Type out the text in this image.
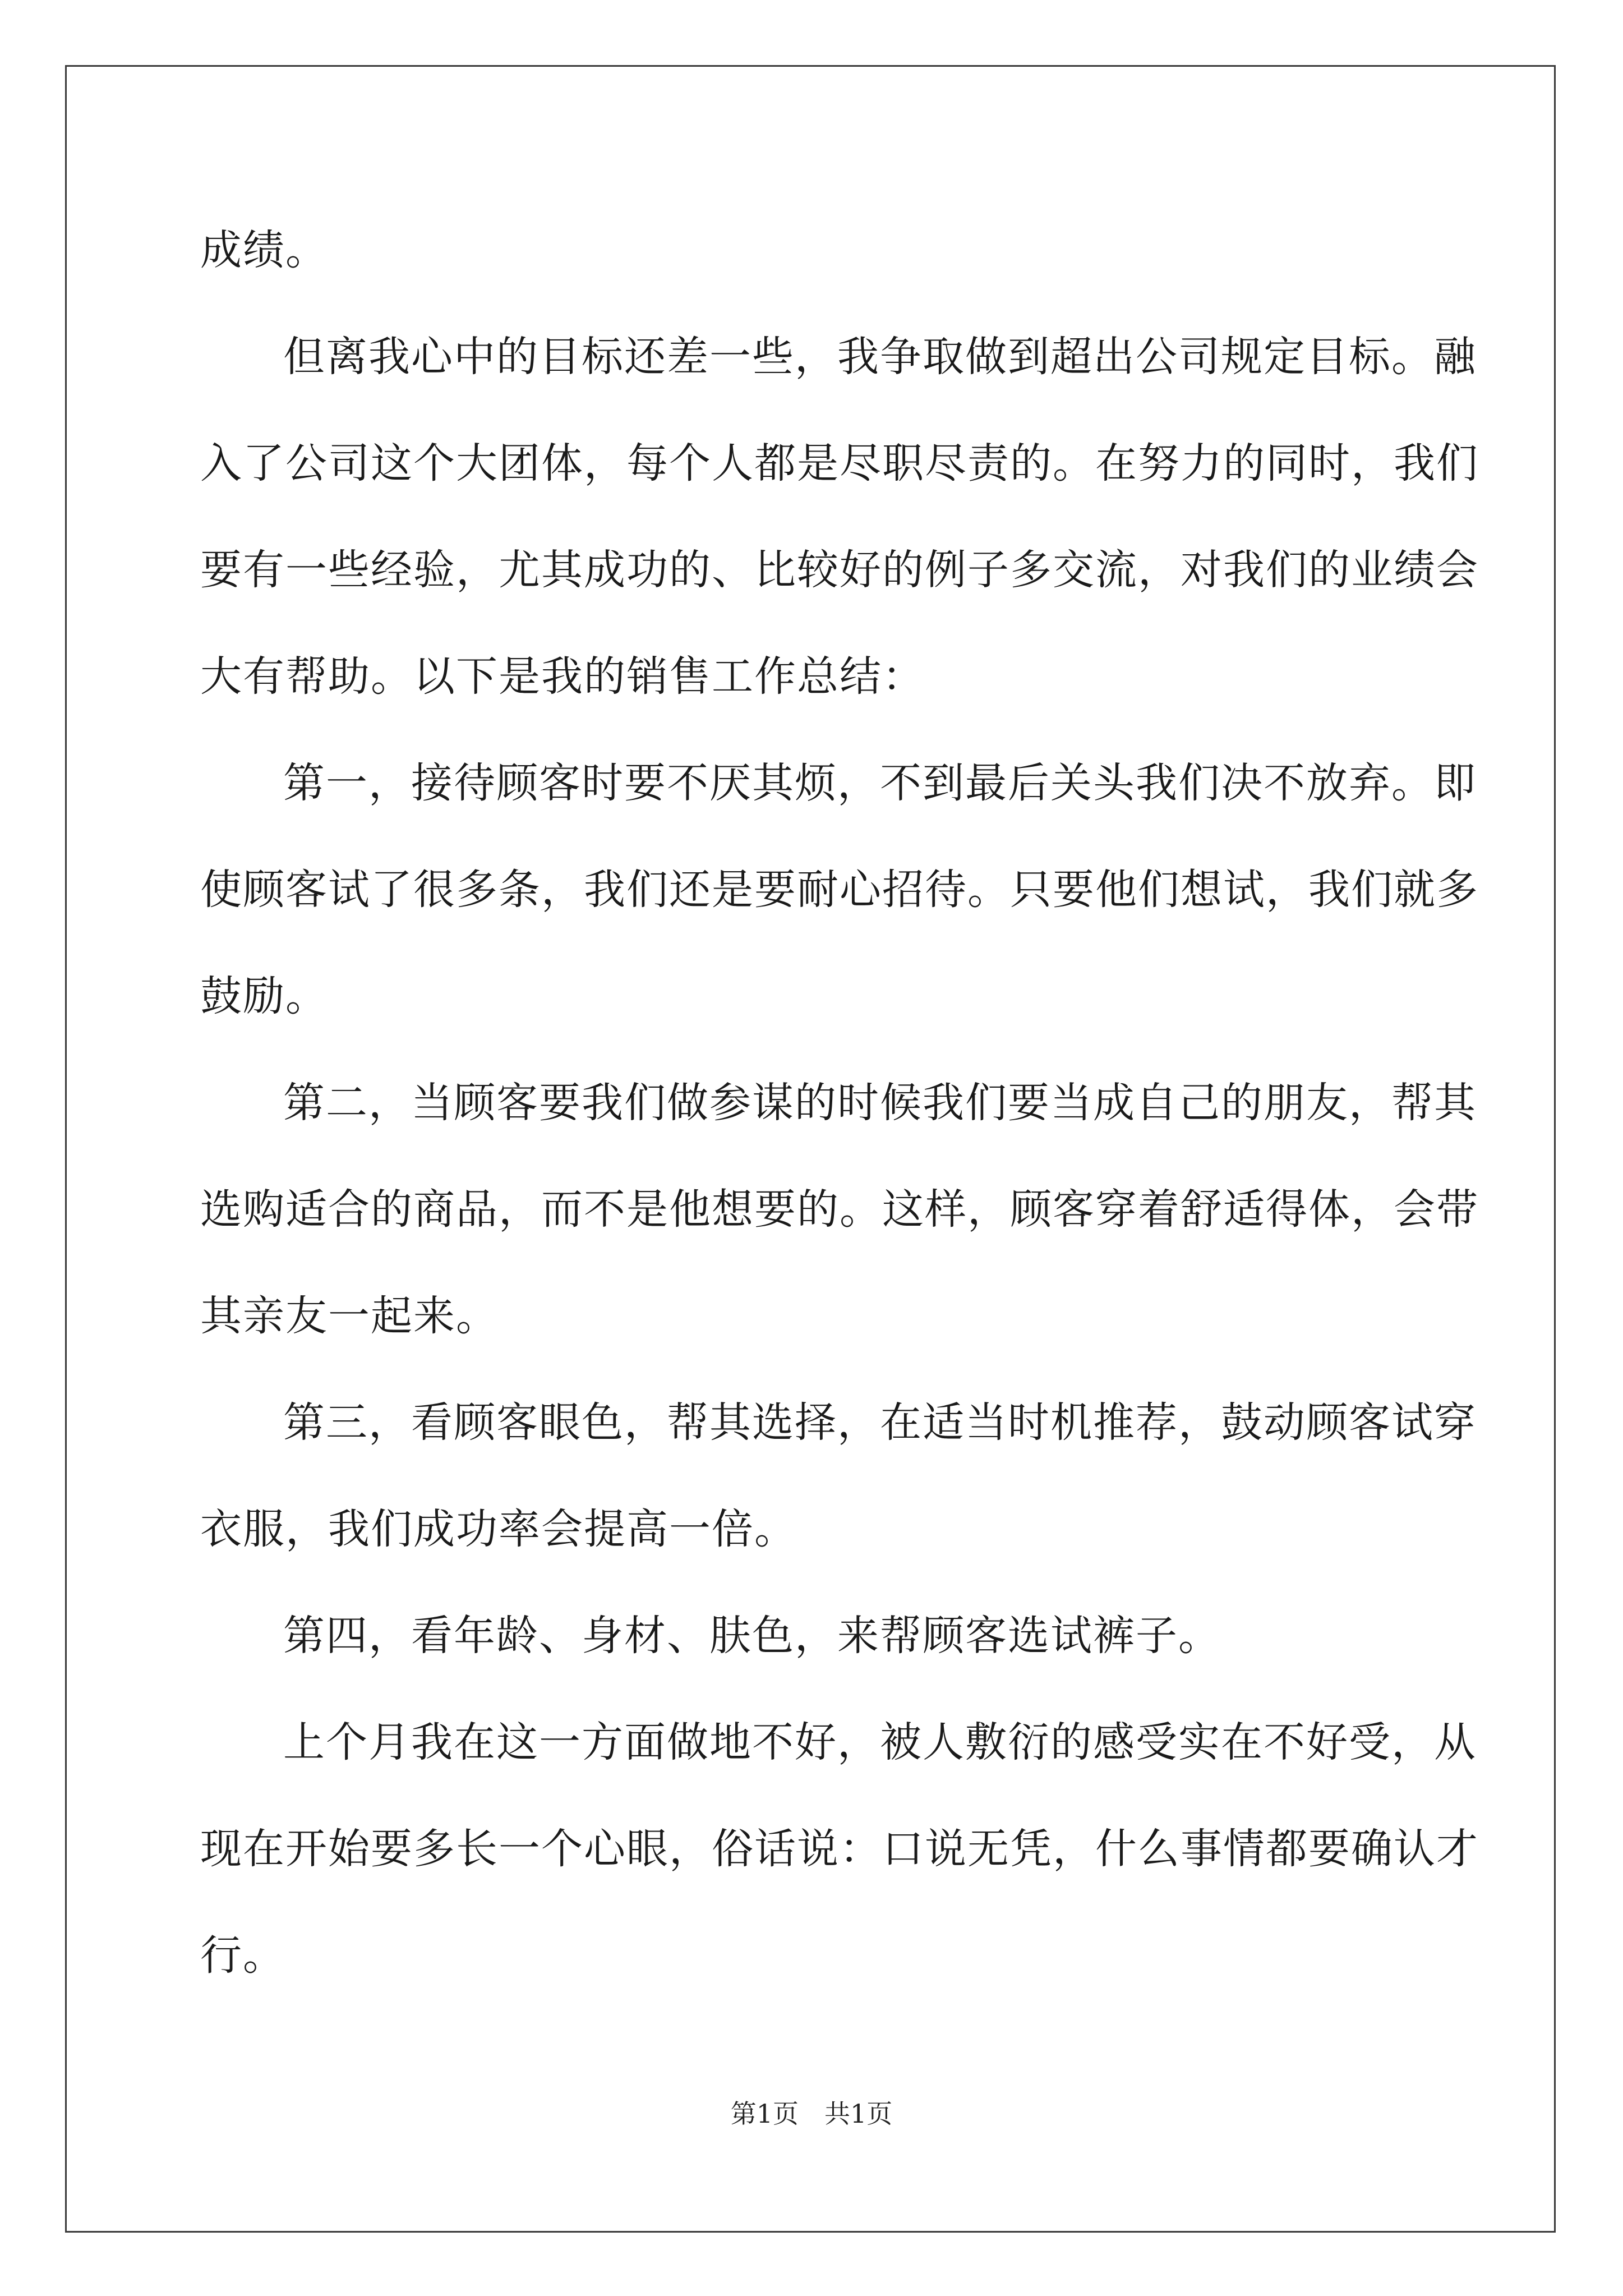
成绩。
但离我心中的目标还差一些，我争取做到超出公司规定目标。融
入了公司这个大团体，每个人都是尽职尽责的。在努力的同时，我们
要有一些经验，尤其成功的、比较好的例子多交流，对我们的业绩会
大有帮助。以下是我的销售工作总结：
第一，接待顾客时要不厌其烦，不到最后关头我们决不放弃。即
使顾客试了很多条，我们还是要耐心招待。只要他们想试，我们就多
鼓励。
第二，当顾客要我们做参谋的时候我们要当成自己的朋友，帮其
选购适合的商品，而不是他想要的。这样，顾客穿着舒适得体，会带
其亲友一起来。
第三，看顾客眼色，帮其选择，在适当时机推荐，鼓动顾客试穿
衣服，我们成功率会提高一倍。
第四，看年龄、身材、肤色，来帮顾客选试裤子。
上个月我在这一方面做地不好，被人敷衍的感受实在不好受，从
现在开始要多长一个心眼，俗话说：口说无凭，什么事情都要确认才
行。
第1页　共1页
